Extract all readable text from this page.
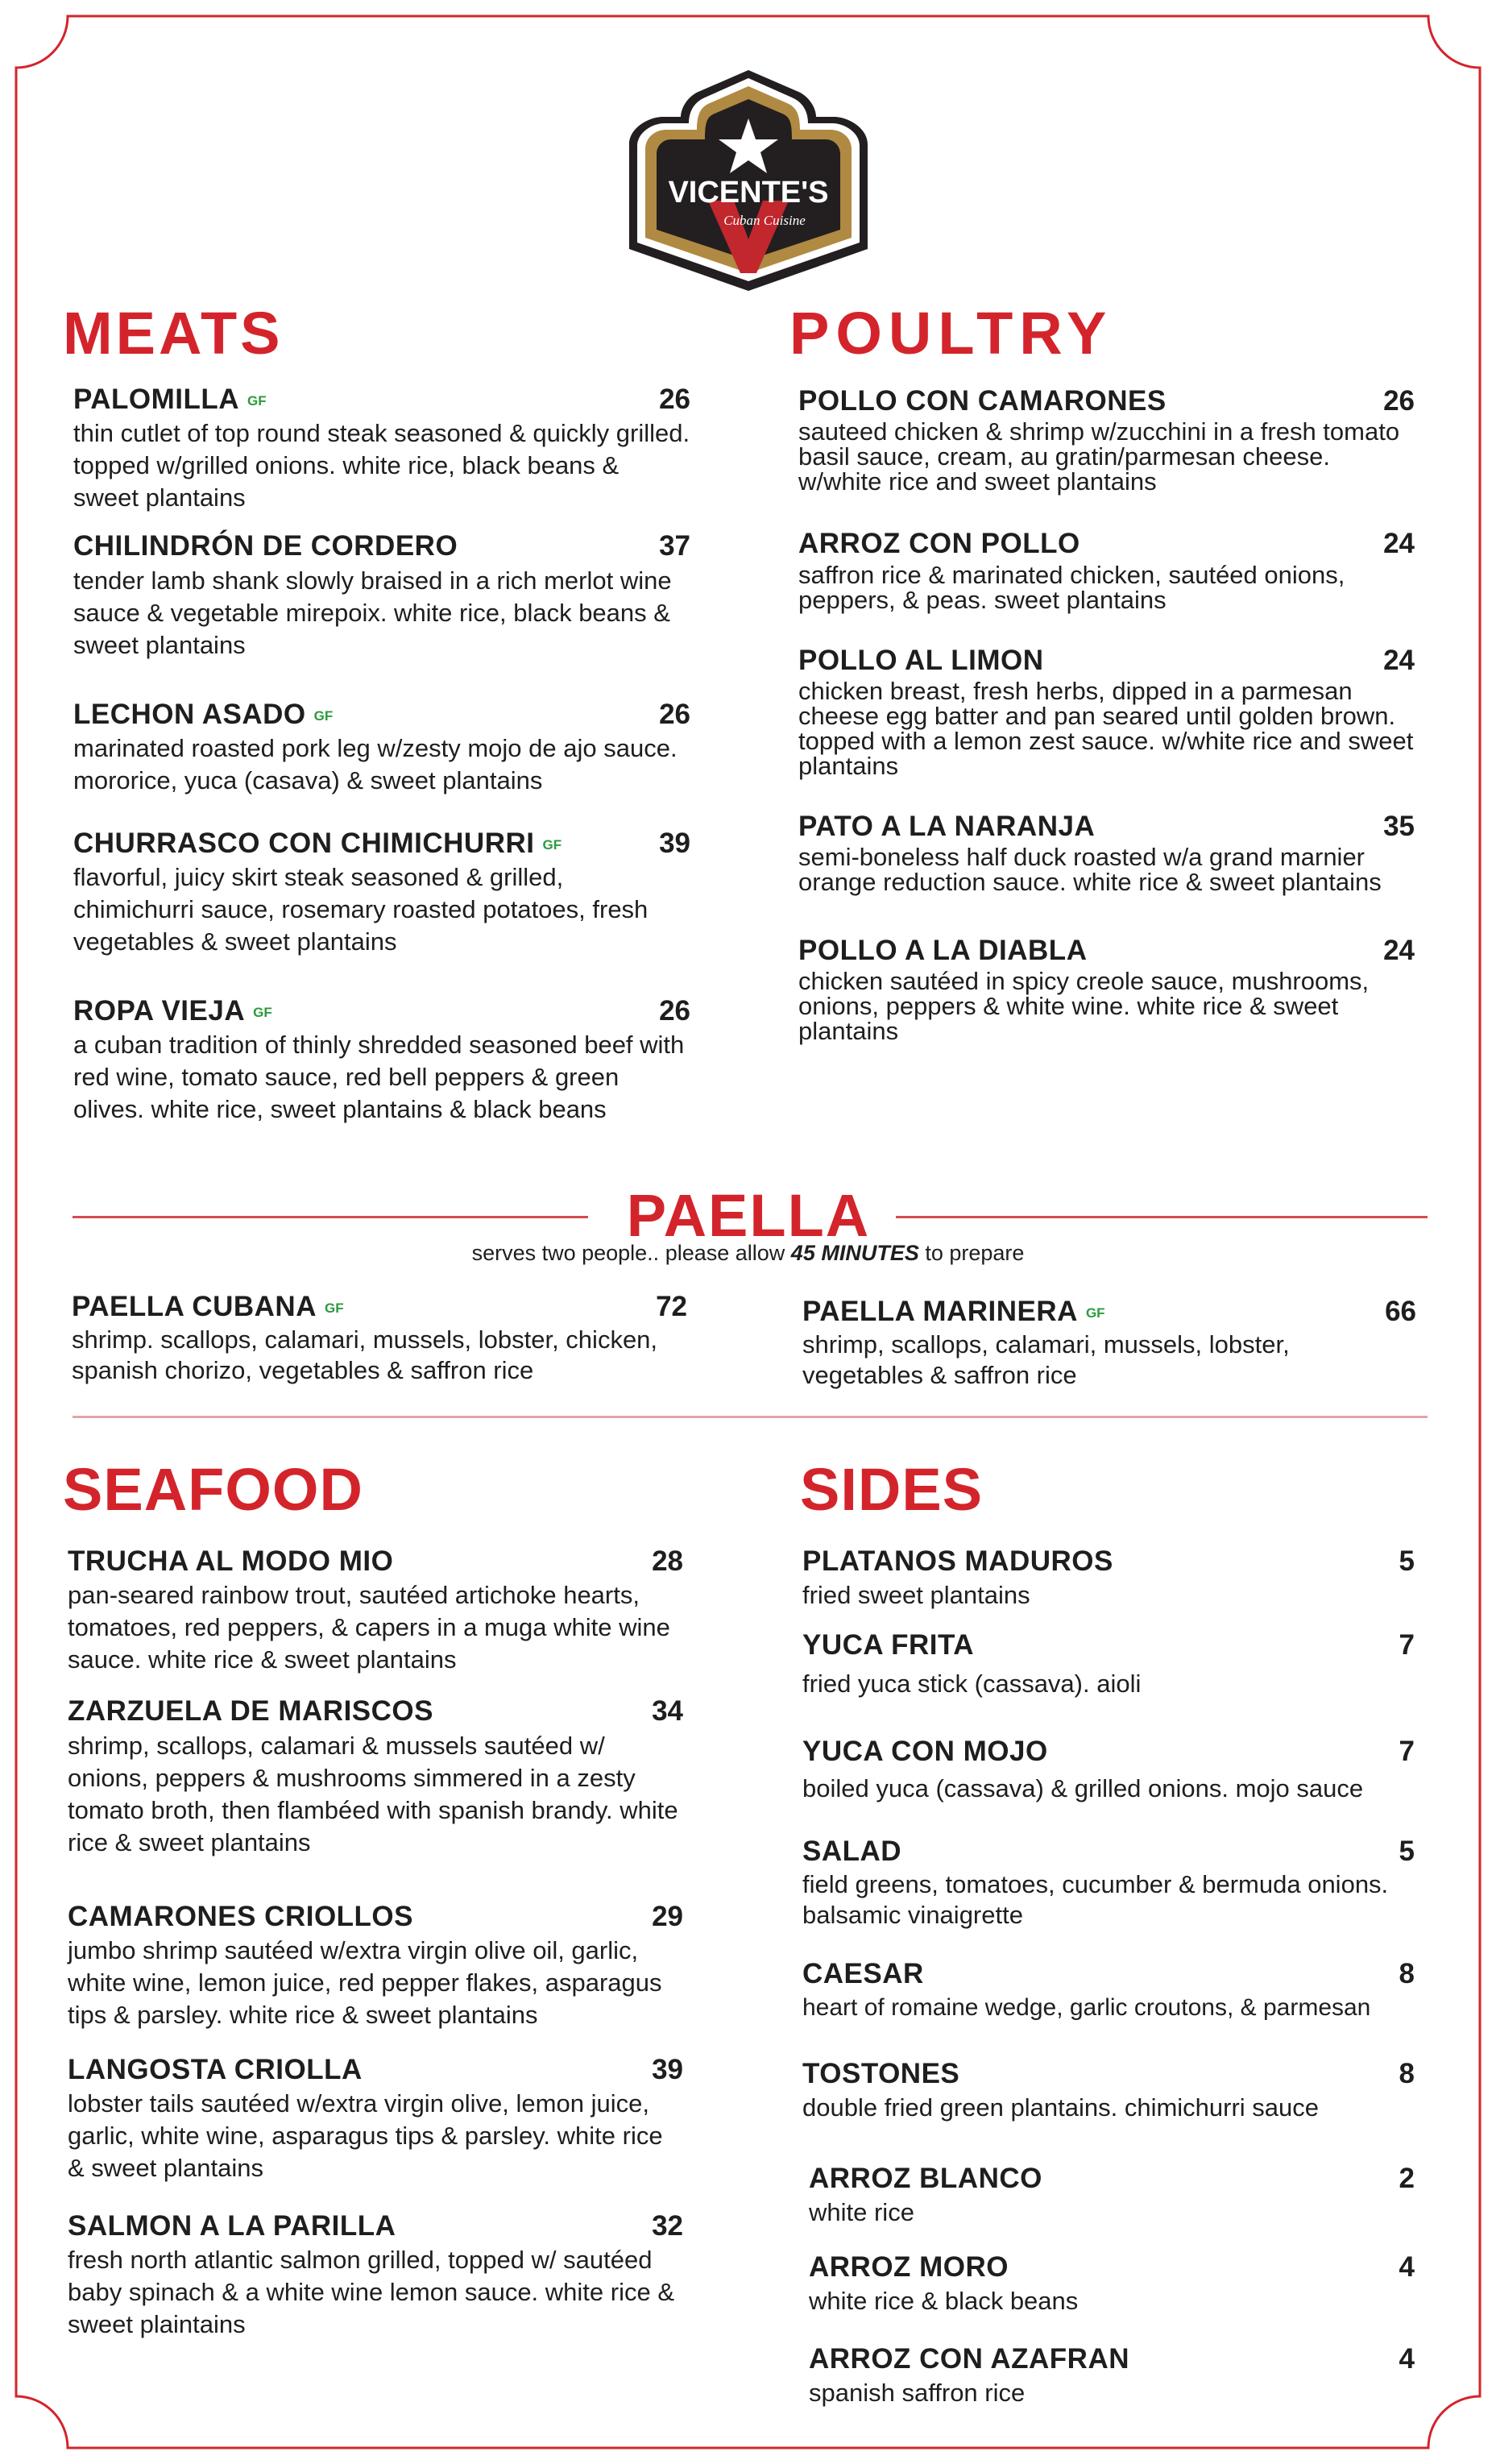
VICENTE'S
Cuban Cuisine
MEATS	POULTRY
PALOMILLA GF	26
thin cutlet of top round steak seasoned & quickly grilled. topped w/grilled onions. white rice, black beans & sweet plantains
CHILINDRÓN DE CORDERO	37
tender lamb shank slowly braised in a rich merlot wine sauce & vegetable mirepoix. white rice, black beans & sweet plantains
LECHON ASADO GF	26
marinated roasted pork leg w/zesty mojo de ajo sauce. mororice, yuca (casava) & sweet plantains
CHURRASCO CON CHIMICHURRI GF	39
flavorful, juicy skirt steak seasoned & grilled, chimichurri sauce, rosemary roasted potatoes, fresh vegetables & sweet plantains
ROPA VIEJA GF	26
a cuban tradition of thinly shredded seasoned beef with red wine, tomato sauce, red bell peppers & green olives. white rice, sweet plantains & black beans
POLLO CON CAMARONES	26
sauteed chicken & shrimp w/zucchini in a fresh tomato basil sauce, cream, au gratin/parmesan cheese. w/white rice and sweet plantains
ARROZ CON POLLO	24
saffron rice & marinated chicken, sautéed onions, peppers, & peas. sweet plantains
POLLO AL LIMON	24
chicken breast, fresh herbs, dipped in a parmesan cheese egg batter and pan seared until golden brown. topped with a lemon zest sauce. w/white rice and sweet plantains
PATO A LA NARANJA	35
semi-boneless half duck roasted w/a grand marnier orange reduction sauce. white rice & sweet plantains
POLLO A LA DIABLA	24
chicken sautéed in spicy creole sauce, mushrooms, onions, peppers & white wine. white rice & sweet plantains
PAELLA
serves two people.. please allow 45 MINUTES to prepare
PAELLA CUBANA GF	72
shrimp. scallops, calamari, mussels, lobster, chicken, spanish chorizo, vegetables & saffron rice
PAELLA MARINERA GF	66
shrimp, scallops, calamari, mussels, lobster, vegetables & saffron rice
SEAFOOD	SIDES
TRUCHA AL MODO MIO	28
pan-seared rainbow trout, sautéed artichoke hearts, tomatoes, red peppers, & capers in a muga white wine sauce. white rice & sweet plantains
ZARZUELA DE MARISCOS	34
shrimp, scallops, calamari & mussels sautéed w/ onions, peppers & mushrooms simmered in a zesty tomato broth, then flambéed with spanish brandy. white rice & sweet plantains
CAMARONES CRIOLLOS	29
jumbo shrimp sautéed w/extra virgin olive oil, garlic, white wine, lemon juice, red pepper flakes, asparagus tips & parsley. white rice & sweet plantains
LANGOSTA CRIOLLA	39
lobster tails sautéed w/extra virgin olive, lemon juice, garlic, white wine, asparagus tips & parsley. white rice & sweet plantains
SALMON A LA PARILLA	32
fresh north atlantic salmon grilled, topped w/ sautéed baby spinach & a white wine lemon sauce. white rice & sweet plaintains
PLATANOS MADUROS	5
fried sweet plantains
YUCA FRITA	7
fried yuca stick (cassava). aioli
YUCA CON MOJO	7
boiled yuca (cassava) & grilled onions. mojo sauce
SALAD	5
field greens, tomatoes, cucumber & bermuda onions. balsamic vinaigrette
CAESAR	8
heart of romaine wedge, garlic croutons, & parmesan
TOSTONES	8
double fried green plantains. chimichurri sauce
ARROZ BLANCO	2
white rice
ARROZ MORO	4
white rice & black beans
ARROZ CON AZAFRAN	4
spanish saffron rice
